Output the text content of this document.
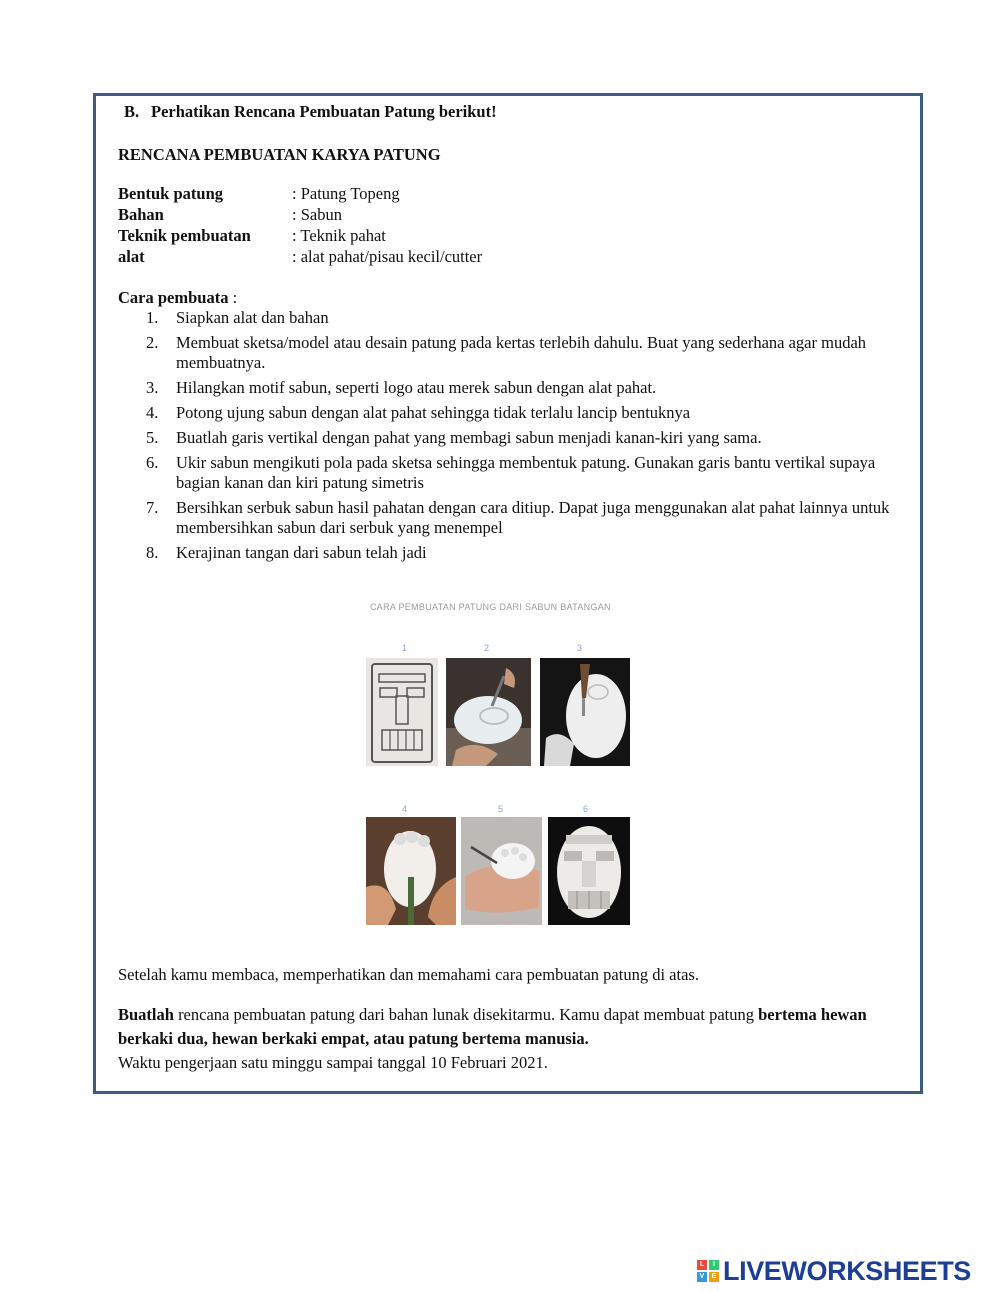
B. Perhatikan Rencana Pembuatan Patung berikut!
RENCANA PEMBUATAN KARYA PATUNG
Bentuk patung	: Patung Topeng
Bahan	: Sabun
Teknik pembuatan : Teknik pahat
alat	: alat pahat/pisau kecil/cutter
Cara pembuata :
1. Siapkan alat dan bahan
2. Membuat sketsa/model atau desain patung pada kertas terlebih dahulu. Buat yang sederhana agar mudah membuatnya.
3. Hilangkan motif sabun, seperti logo atau merek sabun dengan alat pahat.
4. Potong ujung sabun dengan alat pahat sehingga tidak terlalu lancip bentuknya
5. Buatlah garis vertikal dengan pahat yang membagi sabun menjadi kanan-kiri yang sama.
6. Ukir sabun mengikuti pola pada sketsa sehingga membentuk patung. Gunakan garis bantu vertikal supaya bagian kanan dan kiri patung simetris
7. Bersihkan serbuk sabun hasil pahatan dengan cara ditiup. Dapat juga menggunakan alat pahat lainnya untuk membersihkan sabun dari serbuk yang menempel
8. Kerajinan tangan dari sabun telah jadi
CARA PEMBUATAN PATUNG DARI SABUN BATANGAN
1	2	3
4	5	6
Setelah kamu membaca, memperhatikan dan memahami cara pembuatan patung di atas.
Buatlah rencana pembuatan patung dari bahan lunak disekitarmu. Kamu dapat membuat patung bertema hewan berkaki dua, hewan berkaki empat, atau patung bertema manusia.
Waktu pengerjaan satu minggu sampai tanggal 10 Februari 2021.
L	I
V	E LIVEWORKSHEETS
